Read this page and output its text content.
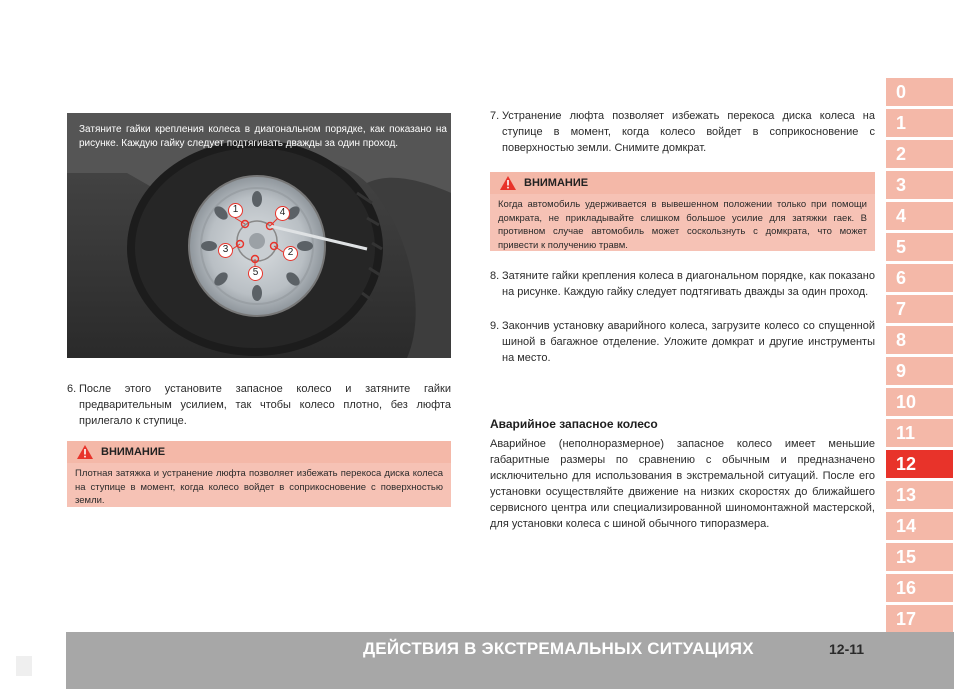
0
1
2
3
4
5
6
7
8
9
10
11
12
13
14
15
16
17
Затяните гайки крепления колеса в диагональном порядке, как показано на рисунке. Каждую гайку следует подтягивать дважды за один проход.
1
2
3
4
5
6. После этого установите запасное колесо и затяните гайки предварительным усилием, так чтобы колесо плотно, без люфта прилегало к ступице.
ВНИМАНИЕ
Плотная затяжка и устранение люфта позволяет избежать перекоса диска колеса на ступице в момент, когда колесо войдет в соприкосновение с поверхностью земли.
7. Устранение люфта позволяет избежать перекоса диска колеса на ступице в момент, когда колесо войдет в соприкосновение с поверхностью земли. Снимите домкрат.
ВНИМАНИЕ
Когда автомобиль удерживается в вывешенном положении только при помощи домкрата, не прикладывайте слишком большое усилие для затяжки гаек. В противном случае автомобиль может соскользнуть с домкрата, что может привести к получению травм.
8. Затяните гайки крепления колеса в диагональном порядке, как показано на рисунке. Каждую гайку следует подтягивать дважды за один проход.
9. Закончив установку аварийного колеса, загрузите колесо со спущенной шиной в багажное отделение. Уложите домкрат и другие инструменты на место.
Аварийное запасное колесо
Аварийное (неполноразмерное) запасное колесо имеет меньшие габаритные размеры по сравнению с обычным и предназначено исключительно для использования в экстремальной ситуаций. После его установки осуществляйте движение на низких скоростях до ближайшего сервисного центра или специализированной шиномонтажной мастерской, для установки колеса с шиной обычного типоразмера.
ДЕЙСТВИЯ В ЭКСТРЕМАЛЬНЫХ СИТУАЦИЯХ	12-11
